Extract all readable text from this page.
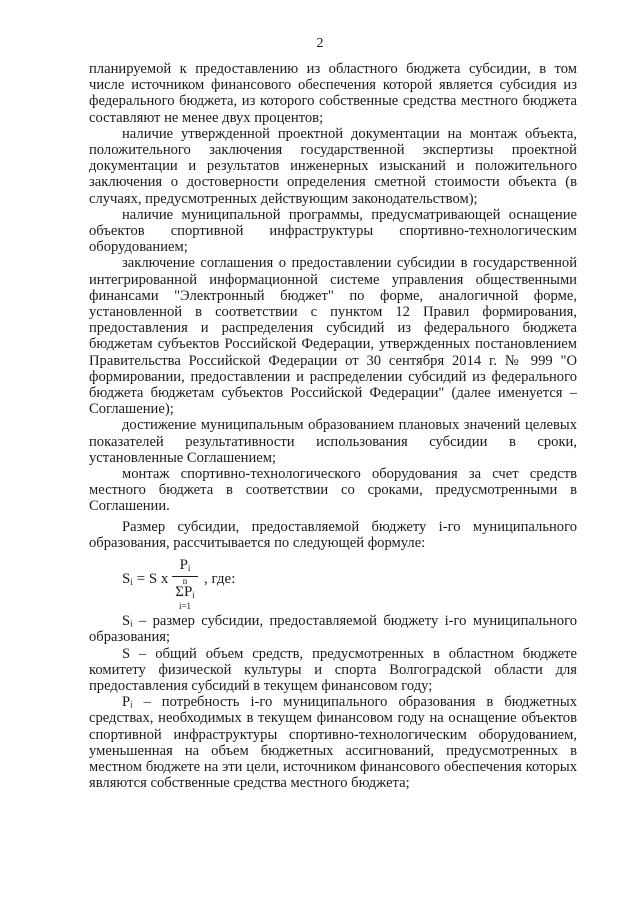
2

планируемой к предоставлению из областного бюджета субсидии, в том числе источником финансового обеспечения которой является субсидия из федерального бюджета, из которого собственные средства местного бюджета составляют не менее двух процентов;

наличие утвержденной проектной документации на монтаж объекта, положительного заключения государственной экспертизы проектной документации и результатов инженерных изысканий и положительного заключения о достоверности определения сметной стоимости объекта (в случаях, предусмотренных действующим законодательством);

наличие муниципальной программы, предусматривающей оснащение объектов спортивной инфраструктуры спортивно-технологическим оборудованием;

заключение соглашения о предоставлении субсидии в государственной интегрированной информационной системе управления общественными финансами "Электронный бюджет" по форме, аналогичной форме, установленной в соответствии с пунктом 12 Правил формирования, предоставления и распределения субсидий из федерального бюджета бюджетам субъектов Российской Федерации, утвержденных постановлением Правительства Российской Федерации от 30 сентября 2014 г. № 999 "О формировании, предоставлении и распределении субсидий из федерального бюджета бюджетам субъектов Российской Федерации" (далее именуется – Соглашение);

достижение муниципальным образованием плановых значений целевых показателей результативности использования субсидии в сроки, установленные Соглашением;

монтаж спортивно-технологического оборудования за счет средств местного бюджета в соответствии со сроками, предусмотренными в Соглашении.

Размер субсидии, предоставляемой бюджету i-го муниципального образования, рассчитывается по следующей формуле:

$S_i = S$ x
$P_i$
n
$\Sigma P_i$
i=1
, где:

Sᵢ – размер субсидии, предоставляемой бюджету i-го муниципального образования;

S – общий объем средств, предусмотренных в областном бюджете комитету физической культуры и спорта Волгоградской области для предоставления субсидий в текущем финансовом году;

Pᵢ – потребность i-го муниципального образования в бюджетных средствах, необходимых в текущем финансовом году на оснащение объектов спортивной инфраструктуры спортивно-технологическим оборудованием, уменьшенная на объем бюджетных ассигнований, предусмотренных в местном бюджете на эти цели, источником финансового обеспечения которых являются собственные средства местного бюджета;
